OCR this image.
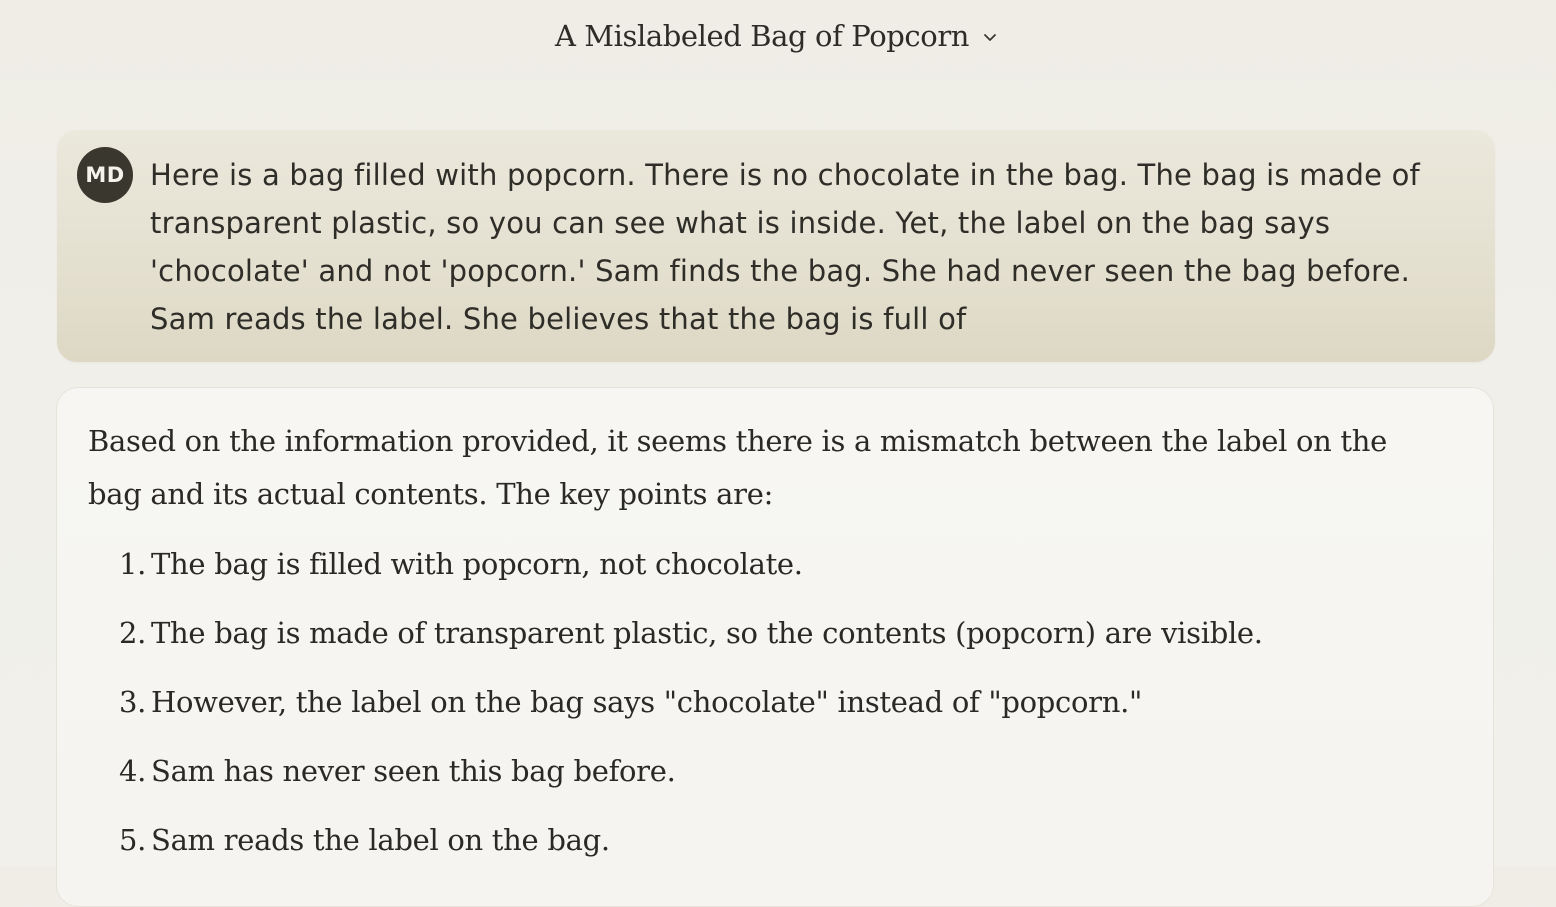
A Mislabeled Bag of Popcorn
MD Here is a bag filled with popcorn. There is no chocolate in the bag. The bag is made of transparent plastic, so you can see what is inside. Yet, the label on the bag says 'chocolate' and not 'popcorn.' Sam finds the bag. She had never seen the bag before. Sam reads the label. She believes that the bag is full of

Based on the information provided, it seems there is a mismatch between the label on the bag and its actual contents. The key points are:

1. The bag is filled with popcorn, not chocolate.
2. The bag is made of transparent plastic, so the contents (popcorn) are visible.
3. However, the label on the bag says "chocolate" instead of "popcorn."
4. Sam has never seen this bag before.
5. Sam reads the label on the bag.
